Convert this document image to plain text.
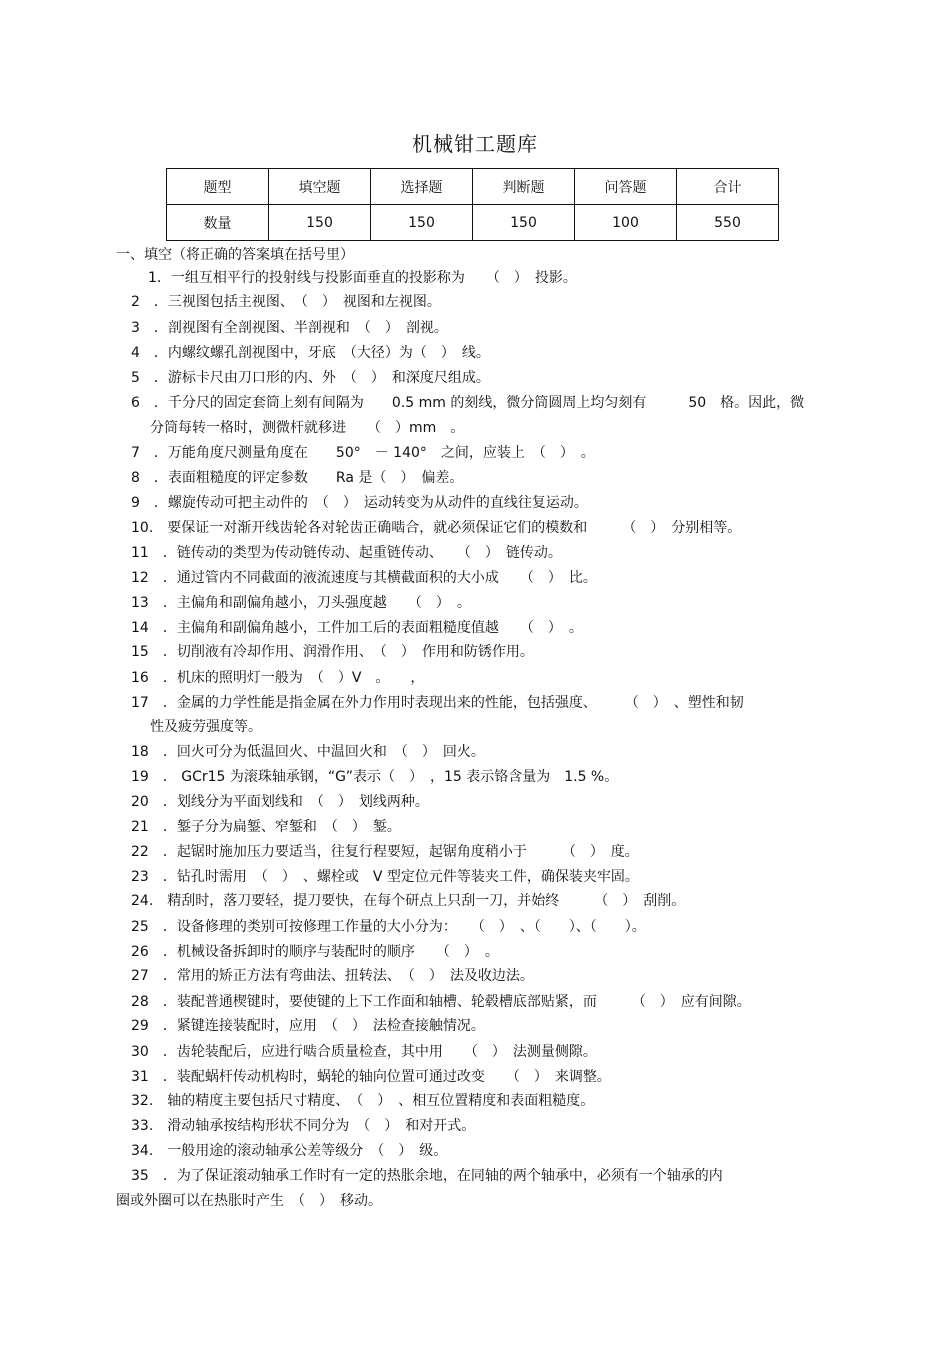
机械钳工题库
题型	填空题	选择题	判断题	问答题	合计
数量	150	150	150	100	550
一、填空（将正确的答案填在括号里）
1．一组互相平行的投射线与投影面垂直的投影称为　　（　）　投影。
2　．三视图包括主视图、　（　）　视图和左视图。
3　．剖视图有全剖视图、半剖视和　（　）　剖视。
4　．内螺纹螺孔剖视图中，牙底　（大径）为（　）　线。
5　．游标卡尺由刀口形的内、外　（　）　和深度尺组成。
6　．千分尺的固定套筒上刻有间隔为　　0.5 mm 的刻线，微分筒圆周上均匀刻有　　　50　格。因此，微
分筒每转一格时，测微杆就移进　　（　）mm　。
7　．万能角度尺测量角度在　　50°　－ 140°　之间，应装上　（　）　。
8　．表面粗糙度的评定参数　　Ra 是（　）　偏差。
9　．螺旋传动可把主动件的　（　）　运动转变为从动件的直线往复运动。
10.　要保证一对渐开线齿轮各对轮齿正确啮合，就必须保证它们的模数和　　　（　）　分别相等。
11　．链传动的类型为传动链传动、起重链传动、　　（　）　链传动。
12　．通过管内不同截面的液流速度与其横截面积的大小成　　（　）　比。
13　．主偏角和副偏角越小，刀头强度越　　（　）　。
14　．主偏角和副偏角越小，工件加工后的表面粗糙度值越　　（　）　。
15　．切削液有冷却作用、润滑作用、　（　）　作用和防锈作用。
16　．机床的照明灯一般为　（　）V　。　　，
17　．金属的力学性能是指金属在外力作用时表现出来的性能，包括强度、　　　（　）　、塑性和韧
性及疲劳强度等。
18　．回火可分为低温回火、中温回火和　（　）　回火。
19　． GCr15 为滚珠轴承钢，“G”表示（　）　，15 表示铬含量为　1.5 %。
20　．划线分为平面划线和　（　）　划线两种。
21　．錾子分为扁錾、窄錾和　（　）　錾。
22　．起锯时施加压力要适当，往复行程要短，起锯角度稍小于　　　（　）　度。
23　．钻孔时需用　（　）　、螺栓或　V 型定位元件等装夹工件，确保装夹牢固。
24.　精刮时，落刀要轻，提刀要快，在每个研点上只刮一刀，并始终　　　（　）　刮削。
25　．设备修理的类别可按修理工作量的大小分为：　　（　）　、（　　）、（　　）。
26　．机械设备拆卸时的顺序与装配时的顺序　　（　）　。
27　．常用的矫正方法有弯曲法、扭转法、　（　）　法及收边法。
28　．装配普通楔键时，要使键的上下工作面和轴槽、轮毂槽底部贴紧，而　　　（　）　应有间隙。
29　．紧键连接装配时，应用　（　）　法检查接触情况。
30　．齿轮装配后，应进行啮合质量检查，其中用　　（　）　法测量侧隙。
31　．装配蜗杆传动机构时，蜗轮的轴向位置可通过改变　　（　）　来调整。
32.　轴的精度主要包括尺寸精度、　（　）　、相互位置精度和表面粗糙度。
33.　滑动轴承按结构形状不同分为　（　）　和对开式。
34.　一般用途的滚动轴承公差等级分　（　）　级。
35　．为了保证滚动轴承工作时有一定的热胀余地，在同轴的两个轴承中，必须有一个轴承的内
圈或外圈可以在热胀时产生　（　）　移动。
